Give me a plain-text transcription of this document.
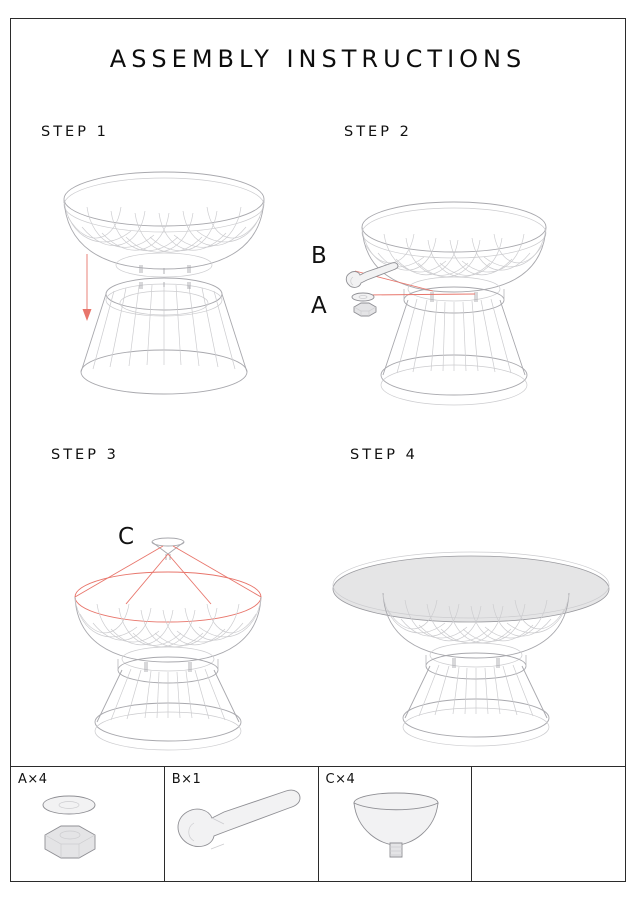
ASSEMBLY INSTRUCTIONS
STEP 1	STEP 2
STEP 3	STEP 4
B
A
C
A×4	B×1	C×4
